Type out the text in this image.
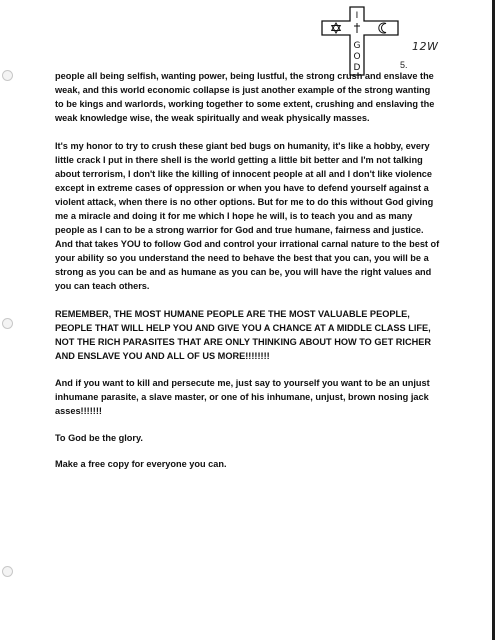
I
G
O
D
12W
5.

people all being selfish, wanting power, being lustful, the strong crush and enslave the weak, and this world economic collapse is just another example of the strong wanting to be kings and warlords, working together to some extent, crushing and enslaving the weak knowledge wise, the weak spiritually and weak physically masses.

It's my honor to try to crush these giant bed bugs on humanity, it's like a hobby, every little crack I put in there shell is the world getting a little bit better and I'm not talking about terrorism, I don't like the killing of innocent people at all and I don't like violence except in extreme cases of oppression or when you have to defend yourself against a violent attack, when there is no other options. But for me to do this without God giving me a miracle and doing it for me which I hope he will, is to teach you and as many people as I can to be a strong warrior for God and true humane, fairness and justice. And that takes YOU to follow God and control your irrational carnal nature to the best of your ability so you understand the need to behave the best that you can, you will be a strong as you can be and as humane as you can be, you will have the right values and you can teach others.

REMEMBER, THE MOST HUMANE PEOPLE ARE THE MOST VALUABLE PEOPLE, PEOPLE THAT WILL HELP YOU AND GIVE YOU A CHANCE AT A MIDDLE CLASS LIFE, NOT THE RICH PARASITES THAT ARE ONLY THINKING ABOUT HOW TO GET RICHER AND ENSLAVE YOU AND ALL OF US MORE!!!!!!!!

And if you want to kill and persecute me, just say to yourself you want to be an unjust inhumane parasite, a slave master, or one of his inhumane, unjust, brown nosing jack asses!!!!!!!

To God be the glory.

Make a free copy for everyone you can.
